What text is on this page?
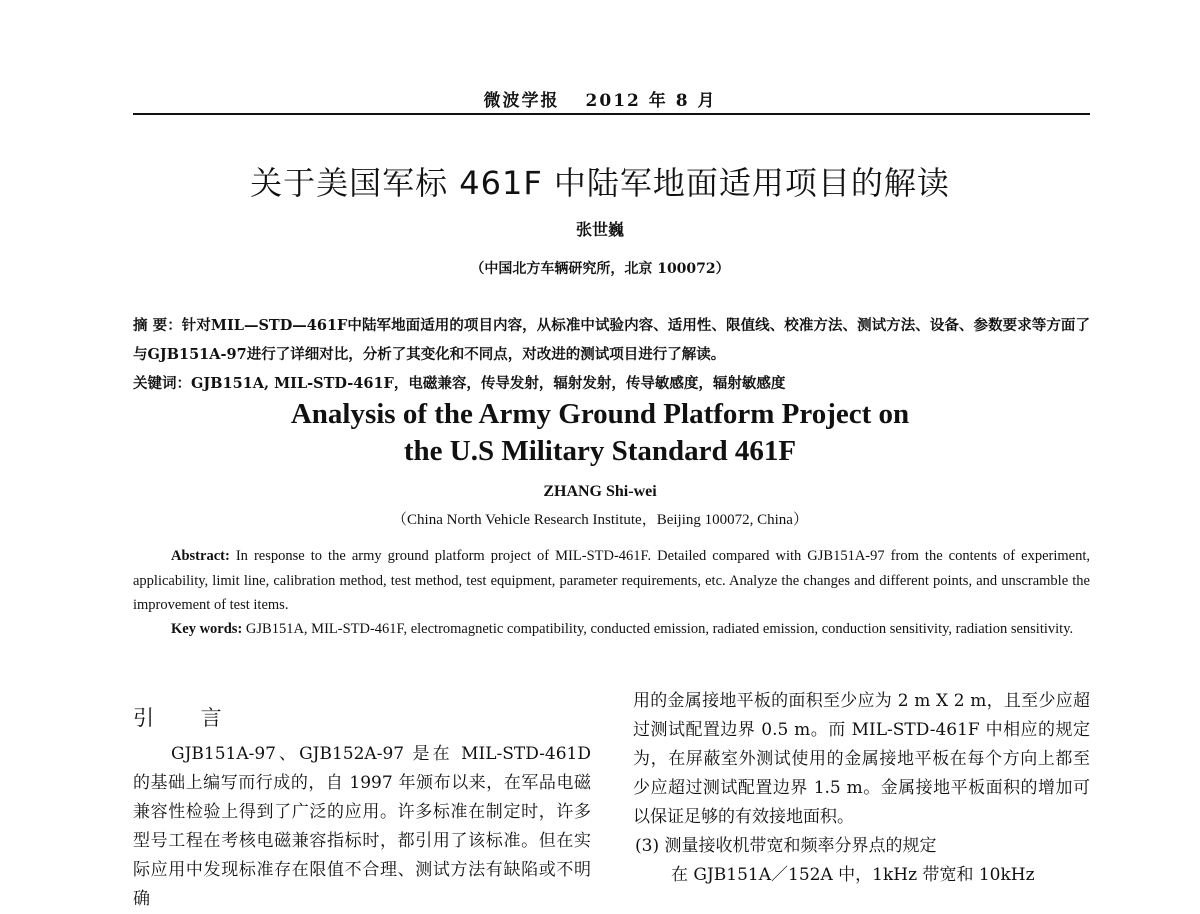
微波学报 2012 年 8 月
关于美国军标 461F 中陆军地面适用项目的解读
张世巍
（中国北方车辆研究所，北京 100072）
摘 要：针对MIL—STD—461F中陆军地面适用的项目内容，从标准中试验内容、适用性、限值线、校准方法、测试方法、设备、参数要求等方面了与GJB151A-97进行了详细对比，分析了其变化和不同点，对改进的测试项目进行了解读。
关键词：GJB151A, MIL-STD-461F，电磁兼容，传导发射，辐射发射，传导敏感度，辐射敏感度
Analysis of the Army Ground Platform Project on
the U.S Military Standard 461F
ZHANG Shi-wei
（China North Vehicle Research Institute，Beijing 100072, China）
Abstract: In response to the army ground platform project of MIL-STD-461F. Detailed compared with GJB151A-97 from the contents of experiment, applicability, limit line, calibration method, test method, test equipment, parameter requirements, etc. Analyze the changes and different points, and unscramble the improvement of test items.
Key words: GJB151A, MIL-STD-461F, electromagnetic compatibility, conducted emission, radiated emission, conduction sensitivity, radiation sensitivity.
引 言
GJB151A-97、GJB152A-97 是在 MIL-STD-461D 的基础上编写而行成的，自 1997 年颁布以来，在军品电磁兼容性检验上得到了广泛的应用。许多标准在制定时，许多型号工程在考核电磁兼容指标时，都引用了该标准。但在实际应用中发现标准存在限值不合理、测试方法有缺陷或不明确

用的金属接地平板的面积至少应为 2 m X 2 m，且至少应超过测试配置边界 0.5 m。而 MIL-STD-461F 中相应的规定为，在屏蔽室外测试使用的金属接地平板在每个方向上都至少应超过测试配置边界 1.5 m。金属接地平板面积的增加可以保证足够的有效接地面积。

(3) 测量接收机带宽和频率分界点的规定

在 GJB151A／152A 中，1kHz 带宽和 10kHz
